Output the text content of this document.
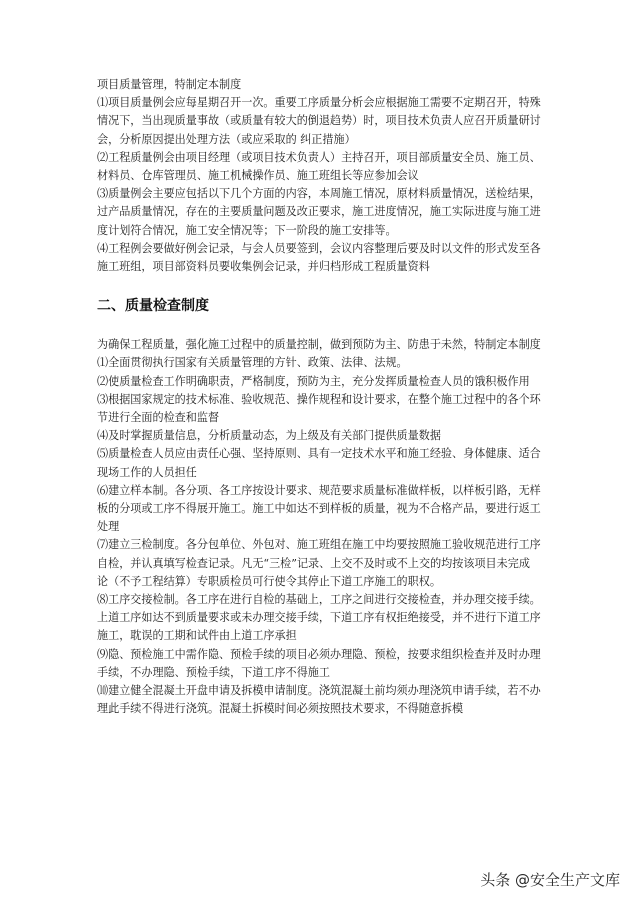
项目质量管理，特制定本制度
⑴项目质量例会应每星期召开一次。重要工序质量分析会应根据施工需要不定期召开，特殊
情况下，当出现质量事故（或质量有较大的倒退趋势）时，项目技术负责人应召开质量研讨
会，分析原因提出处理方法（或应采取的 纠正措施）
⑵工程质量例会由项目经理（或项目技术负责人）主持召开，项目部质量安全员、施工员、
材料员、仓库管理员、施工机械操作员、施工班组长等应参加会议
⑶质量例会主要应包括以下几个方面的内容，本周施工情况，原材料质量情况，送检结果，
过产品质量情况，存在的主要质量问题及改正要求，施工进度情况，施工实际进度与施工进
度计划符合情况，施工安全情况等；下一阶段的施工安排等。
⑷工程例会要做好例会记录，与会人员要签到，会议内容整理后要及时以文件的形式发至各
施工班组，项目部资料员要收集例会记录，并归档形成工程质量资料
二、质量检查制度
为确保工程质量，强化施工过程中的质量控制，做到预防为主、防患于未然，特制定本制度
⑴全面贯彻执行国家有关质量管理的方针、政策、法律、法规。
⑵使质量检查工作明确职责，严格制度，预防为主，充分发挥质量检查人员的饿积极作用
⑶根据国家规定的技术标准、验收规范、操作规程和设计要求，在整个施工过程中的各个环
节进行全面的检查和监督
⑷及时掌握质量信息，分析质量动态，为上级及有关部门提供质量数据
⑸质量检查人员应由责任心强、坚持原则、具有一定技术水平和施工经验、身体健康、适合
现场工作的人员担任
⑹建立样本制。各分项、各工序按设计要求、规范要求质量标准做样板，以样板引路，无样
板的分项或工序不得展开施工。施工中如达不到样板的质量，视为不合格产品，要进行返工
处理
⑺建立三检制度。各分包单位、外包对、施工班组在施工中均要按照施工验收规范进行工序
自检，并认真填写检查记录。凡无“三检”记录、上交不及时或不上交的均按该项目未完成
论（不予工程结算）专职质检员可行使令其停止下道工序施工的职权。
⑻工序交接检制。各工序在进行自检的基础上，工序之间进行交接检查，并办理交接手续。
上道工序如达不到质量要求或未办理交接手续，下道工序有权拒绝接受，并不进行下道工序
施工，耽误的工期和试件由上道工序承担
⑼隐、预检施工中需作隐、预检手续的项目必须办理隐、预检，按要求组织检查并及时办理
手续，不办理隐、预检手续，下道工序不得施工
⑽建立健全混凝土开盘申请及拆模申请制度。浇筑混凝土前均须办理浇筑申请手续，若不办
理此手续不得进行浇筑。混凝土拆模时间必须按照技术要求，不得随意拆模
头条 @安全生产文库
